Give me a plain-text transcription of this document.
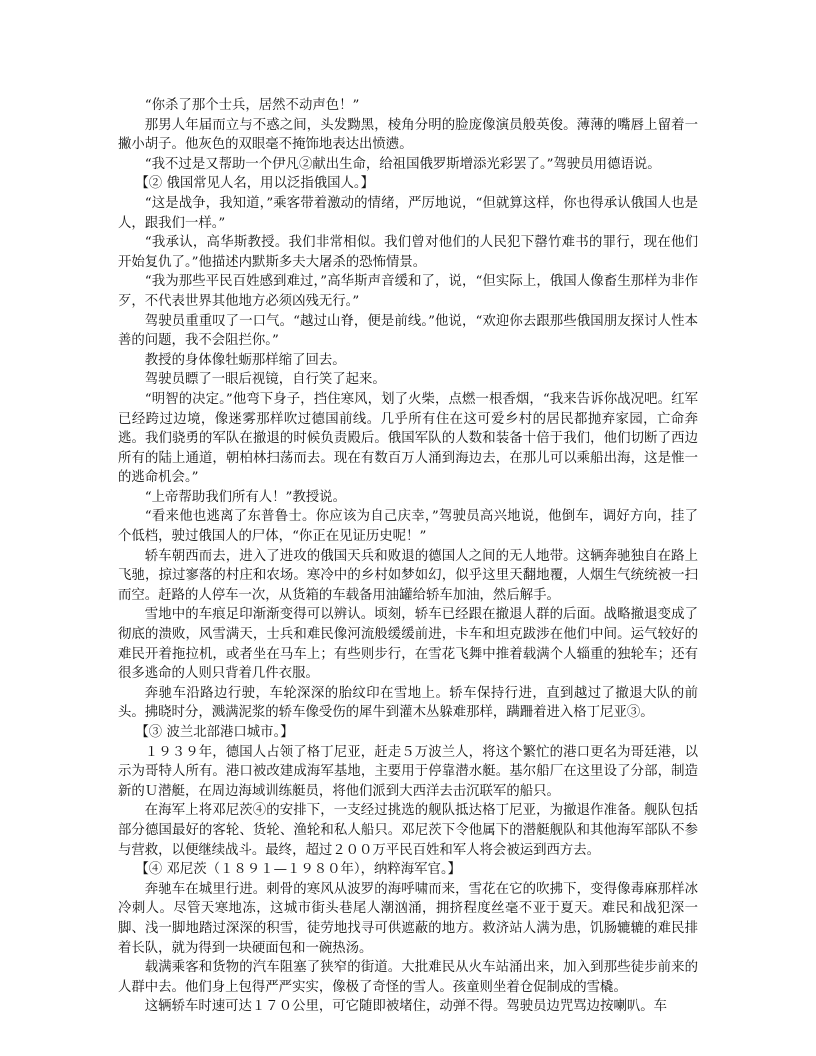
“你杀了那个士兵，居然不动声色！”

那男人年届而立与不惑之间，头发黝黑，棱角分明的脸庞像演员般英俊。薄薄的嘴唇上留着一撇小胡子。他灰色的双眼毫不掩饰地表达出愤懑。

“我不过是又帮助一个伊凡②献出生命，给祖国俄罗斯增添光彩罢了。”驾驶员用德语说。

【② 俄国常见人名，用以泛指俄国人。】

“这是战争，我知道，”乘客带着激动的情绪，严厉地说，“但就算这样，你也得承认俄国人也是人，跟我们一样。”

“我承认，高华斯教授。我们非常相似。我们曾对他们的人民犯下罄竹难书的罪行，现在他们开始复仇了。”他描述内默斯多夫大屠杀的恐怖情景。

“我为那些平民百姓感到难过，”高华斯声音缓和了，说，“但实际上，俄国人像畜生那样为非作歹，不代表世界其他地方必须凶残无行。”

驾驶员重重叹了一口气。“越过山脊，便是前线。”他说，“欢迎你去跟那些俄国朋友探讨人性本善的问题，我不会阻拦你。”

教授的身体像牡蛎那样缩了回去。

驾驶员瞟了一眼后视镜，自行笑了起来。

“明智的决定。”他弯下身子，挡住寒风，划了火柴，点燃一根香烟，“我来告诉你战况吧。红军已经跨过边境，像迷雾那样吹过德国前线。几乎所有住在这可爱乡村的居民都抛弃家园，亡命奔逃。我们骁勇的军队在撤退的时候负责殿后。俄国军队的人数和装备十倍于我们，他们切断了西边所有的陆上通道，朝柏林扫荡而去。现在有数百万人涌到海边去，在那儿可以乘船出海，这是惟一的逃命机会。”

“上帝帮助我们所有人！”教授说。

“看来他也逃离了东普鲁士。你应该为自己庆幸，”驾驶员高兴地说，他倒车，调好方向，挂了个低档，驶过俄国人的尸体，“你正在见证历史呢！”

轿车朝西而去，进入了进攻的俄国天兵和败退的德国人之间的无人地带。这辆奔驰独自在路上飞驰，掠过寥落的村庄和农场。寒冷中的乡村如梦如幻，似乎这里天翻地覆，人烟生气统统被一扫而空。赶路的人停车一次，从货箱的车载备用油罐给轿车加油，然后解手。

雪地中的车痕足印渐渐变得可以辨认。顷刻，轿车已经跟在撤退人群的后面。战略撤退变成了彻底的溃败，风雪满天，士兵和难民像河流般缓缓前进，卡车和坦克跋涉在他们中间。运气较好的难民开着拖拉机，或者坐在马车上；有些则步行，在雪花飞舞中推着载满个人辎重的独轮车；还有很多逃命的人则只背着几件衣服。

奔驰车沿路边行驶，车轮深深的胎纹印在雪地上。轿车保持行进，直到越过了撤退大队的前头。拂晓时分，溅满泥浆的轿车像受伤的犀牛到灌木丛躲难那样，蹒跚着进入格丁尼亚③。

【③ 波兰北部港口城市。】

１９３９年，德国人占领了格丁尼亚，赶走５万波兰人，将这个繁忙的港口更名为哥廷港，以示为哥特人所有。港口被改建成海军基地，主要用于停靠潜水艇。基尔船厂在这里设了分部，制造新的Ｕ潜艇，在周边海域训练艇员，将他们派到大西洋去击沉联军的船只。

在海军上将邓尼茨④的安排下，一支经过挑选的舰队抵达格丁尼亚，为撤退作准备。舰队包括部分德国最好的客轮、货轮、渔轮和私人船只。邓尼茨下令他属下的潜艇舰队和其他海军部队不参与营救，以便继续战斗。最终，超过２００万平民百姓和军人将会被运到西方去。

【④ 邓尼茨（１８９１—１９８０年），纳粹海军官。】

奔驰车在城里行进。刺骨的寒风从波罗的海呼啸而来，雪花在它的吹拂下，变得像毒麻那样冰冷刺人。尽管天寒地冻，这城市街头巷尾人潮汹涌，拥挤程度丝毫不亚于夏天。难民和战犯深一脚、浅一脚地踏过深深的积雪，徒劳地找寻可供遮蔽的地方。救济站人满为患，饥肠辘辘的难民排着长队，就为得到一块硬面包和一碗热汤。

载满乘客和货物的汽车阻塞了狭窄的街道。大批难民从火车站涌出来，加入到那些徒步前来的人群中去。他们身上包得严严实实，像极了奇怪的雪人。孩童则坐着仓促制成的雪橇。

这辆轿车时速可达１７０公里，可它随即被堵住，动弹不得。驾驶员边咒骂边按喇叭。车
